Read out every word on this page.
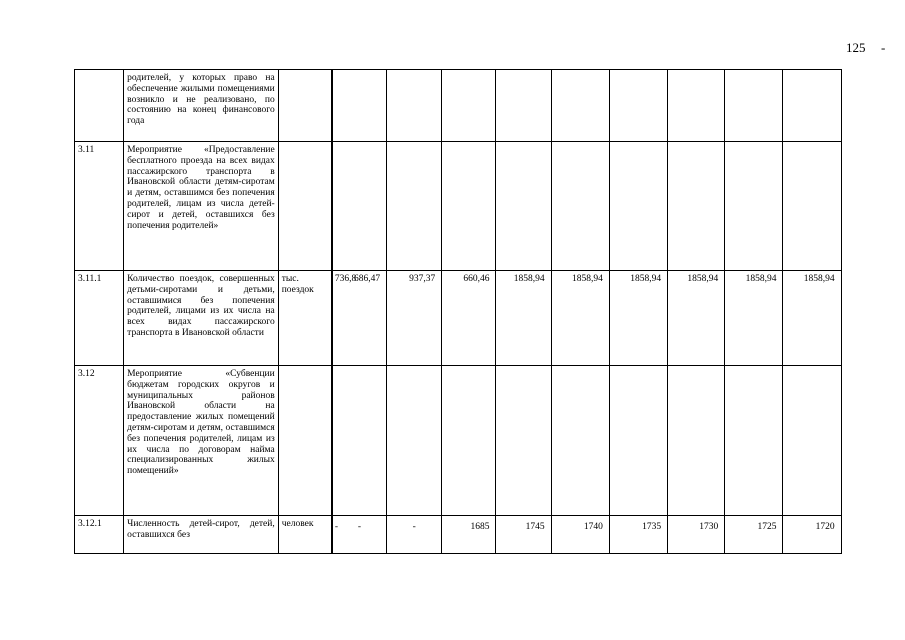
125 -
	родителей, у которых право на обеспечение жилыми помещениями возникло и не реализовано, по состоянию на конец финансового года											
3.11	Мероприятие «Предоставление бесплатного проезда на всех видах пассажирского транспорта в Ивановской области детям-сиротам и детям, оставшимся без попечения родителей, лицам из числа детей-сирот и детей, оставшихся без попечения родителей»											
3.11.1	Количество поездок, совершенных детьми-сиротами и детьми, оставшимися без попечения родителей, лицами из их числа на всех видах пассажирского транспорта в Ивановской области	тыс. поездок	736,8	686,47	937,37	660,46	1858,94	1858,94	1858,94	1858,94	1858,94	1858,94
3.12	Мероприятие «Субвенции бюджетам городских округов и муниципальных районов Ивановской области на предоставление жилых помещений детям-сиротам и детям, оставшимся без попечения родителей, лицам из их числа по договорам найма специализированных жилых помещений»											
3.12.1	Численность детей-сирот, детей, оставшихся без	человек	-	-	-	1685	1745	1740	1735	1730	1725	1720
